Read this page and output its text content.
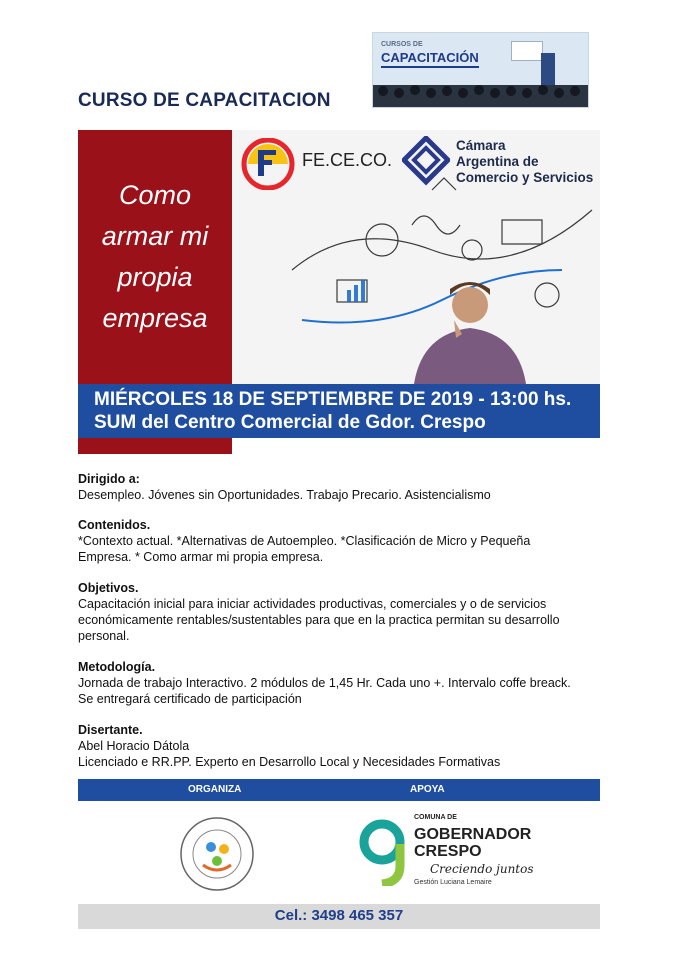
CURSO DE CAPACITACION
CURSOS DE
CAPACITACIÓN
Como
armar mi
propia
empresa
FE.CE.CO.
Cámara
Argentina de
Comercio y Servicios
MIÉRCOLES 18 DE SEPTIEMBRE DE 2019 - 13:00 hs.
SUM del Centro Comercial de Gdor. Crespo
Dirigido a:
Desempleo. Jóvenes sin Oportunidades. Trabajo Precario. Asistencialismo
Contenidos.
*Contexto actual. *Alternativas de Autoempleo. *Clasificación de Micro y Pequeña
Empresa. * Como armar mi propia empresa.
Objetivos.
Capacitación inicial para iniciar actividades productivas, comerciales y o de servicios
económicamente rentables/sustentables para que en la practica permitan su desarrollo
personal.
Metodología.
Jornada de trabajo Interactivo. 2 módulos de 1,45 Hr. Cada uno +. Intervalo coffe breack.
Se entregará certificado de participación
Disertante.
Abel Horacio Dátola
Licenciado e RR.PP. Experto en Desarrollo Local y Necesidades Formativas
ORGANIZA	APOYA
COMUNA DE
GOBERNADOR
CRESPO
Creciendo juntos
Gestión Luciana Lemaire
Cel.: 3498 465 357
